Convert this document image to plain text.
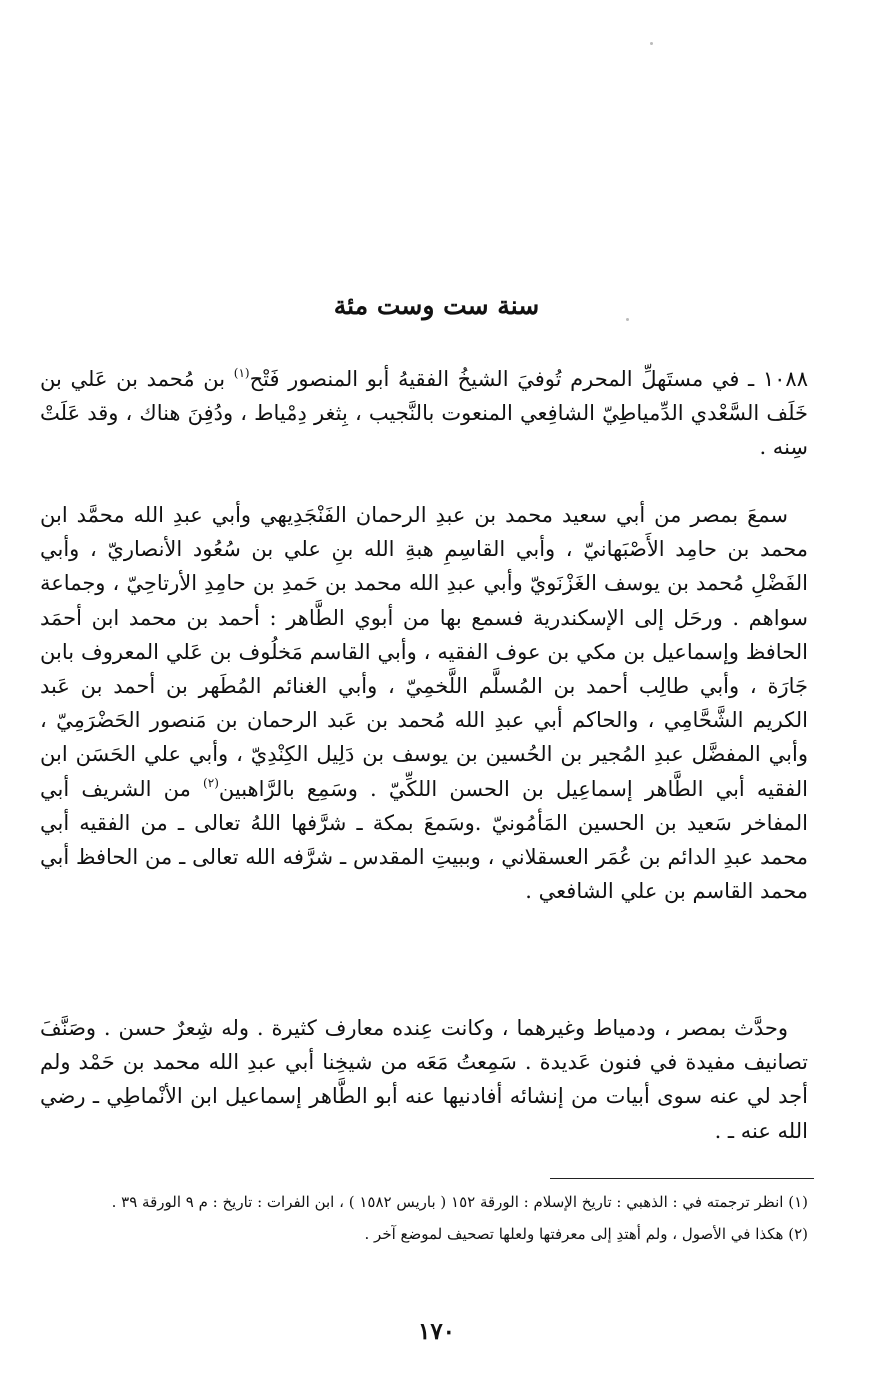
سنة ست وست مئة
١٠٨٨ ـ في مستَهلِّ المحرم تُوفيَ الشيخُ الفقيهُ أبو المنصور فَتْح$^{(١)}$ بن مُحمد بن عَلي بن خَلَف السَّعْدي الدِّمياطِيّ الشافِعي المنعوت بالنَّجيب ، بِثغر دِمْياط ، ودُفِنَ هناك ، وقد عَلَتْ سِنه .
سمعَ بمصر من أبي سعيد محمد بن عبدِ الرحمان الفَنْجَدِيهي وأبي عبدِ الله محمَّد ابن محمد بن حامِد الأَصْبَهانيّ ، وأبي القاسِمِ هبةِ الله بنِ علي بن سُعُود الأنصاريّ ، وأبي الفَضْلِ مُحمد بن يوسف الغَزْنَويّ وأبي عبدِ الله محمد بن حَمدِ بن حامِدِ الأرتاحِيّ ، وجماعة سواهم . ورحَل إلى الإسكندرية فسمع بها من أبوي الطَّاهر : أحمد بن محمد ابن أحمَد الحافظ وإسماعيل بن مكي بن عوف الفقيه ، وأبي القاسم مَخلُوف بن عَلي المعروف بابن جَارَة ، وأبي طالِب أحمد بن المُسلَّم اللَّخمِيّ ، وأبي الغنائم المُطَهر بن أحمد بن عَبد الكريم الشَّحَّامِي ، والحاكم أبي عبدِ الله مُحمد بن عَبد الرحمان بن مَنصور الحَضْرَمِيّ ، وأبي المفضَّل عبدِ المُجير بن الحُسين بن يوسف بن دَلِيل الكِنْدِيّ ، وأبي علي الحَسَن ابن الفقيه أبي الطَّاهر إسماعِيل بن الحسن اللكِّيّ . وسَمِع بالرَّاهبين$^{(٢)}$ من الشريف أبي المفاخر سَعيد بن الحسين المَأمُونيّ .وسَمعَ بمكة ـ شرَّفها اللهُ تعالى ـ من الفقيه أبي محمد عبدِ الدائم بن عُمَر العسقلاني ، وببيتِ المقدس ـ شرَّفه الله تعالى ـ من الحافظ أبي محمد القاسم بن علي الشافعي .
وحدَّث بمصر ، ودمياط وغيرهما ، وكانت عِنده معارف كثيرة . وله شِعرٌ حسن . وصَنَّفَ تصانيف مفيدة في فنون عَديدة . سَمِعتُ مَعَه من شيخِنا أبي عبدِ الله محمد بن حَمْد ولم أجد لي عنه سوى أبيات من إنشائه أفادنيها عنه أبو الطَّاهر إسماعيل ابن الأنْماطِي ـ رضي الله عنه ـ .

(١) انظر ترجمته في : الذهبي : تاريخ الإسلام : الورقة ١٥٢ ( باريس ١٥٨٢ ) ، ابن الفرات : تاريخ : م ٩ الورقة ٣٩ .

(٢) هكذا في الأصول ، ولم أهتدِ إلى معرفتها ولعلها تصحيف لموضع آخر .

١٧٠
